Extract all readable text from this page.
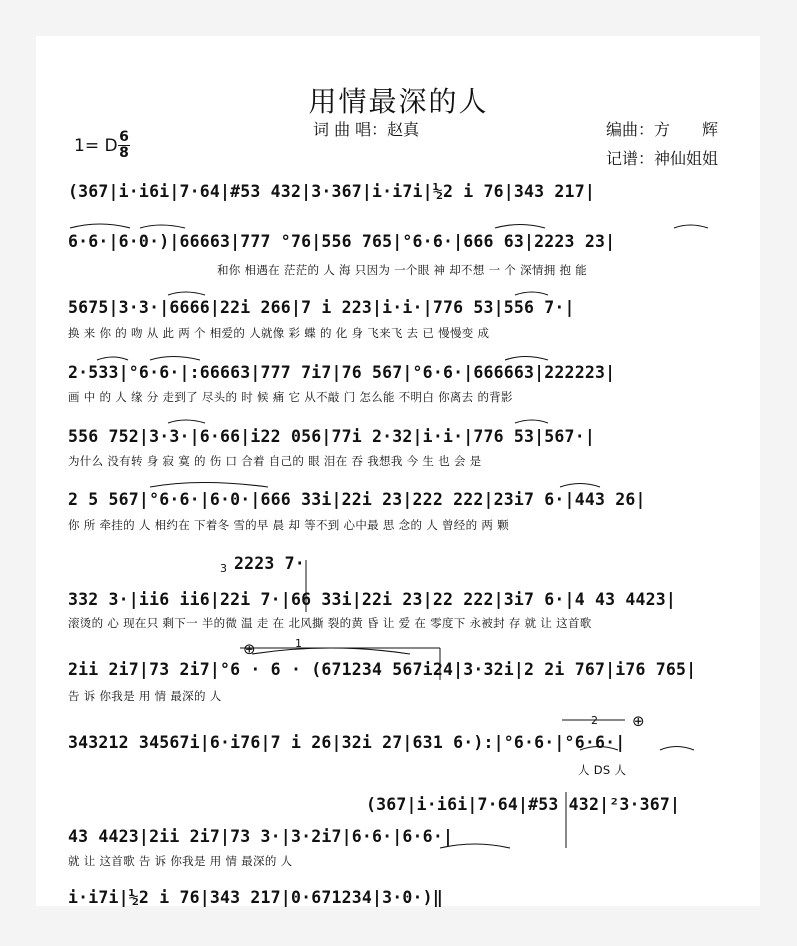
用情最深的人
词 曲 唱：赵真	编曲：方　　辉
记谱：神仙姐姐
1= D 6
8
(367|i·i6i|7·64|#53 432|3·367|i·i7i|½2 i 76|343 217|
6·6·|6·0·)|66663|777 °76|556 765|°6·6·|666 63|2223 23|
和你 相遇在 茫茫的 人 海 只因为 一个眼 神 却不想 一 个 深情拥 抱 能
5675|3·3·|6666|22i 266|7 i 223|i·i·|776 53|556 7·|
换 来 你 的 吻 从 此 两 个 相爱的 人就像 彩 蝶 的 化 身 飞来飞 去 已 慢慢变 成
2·533|°6·6·|:66663|777 7i7|76 567|°6·6·|666663|222223|
画 中 的 人 缘 分 走到了 尽头的 时 候 痛 它 从不敲 门 怎么能 不明白 你离去 的背影
556 752|3·3·|6·66|i22 056|77i 2·32|i·i·|776 53|567·|
为什么 没有转 身 寂 寞 的 伤 口 合着 自己的 眼 泪在 吞 我想我 今 生 也 会 是
2 5 567|°6·6·|6·0·|666 33i|22i 23|222 222|23i7 6·|443 26|
你 所 牵挂的 人 相约在 下着冬 雪的早 晨 却 等不到 心中最 思 念的 人 曾经的 两 颗
3 2223 7·
332 3·|ii6 ii6|22i 7·|66 33i|22i 23|22 222|3i7 6·|4 43 4423|
滚烫的 心 现在只 剩下一 半的微 温 走 在 北风撕 裂的黄 昏 让 爱 在 零度下 永被封 存 就 让 这首歌
⊕	1
2ii 2i7|73 2i7|°6 · 6 · (671234 567i24|3·32i|2 2i 767|i76 765|
告 诉 你我是 用 情 最深的 人
2 ⊕
343212 34567i|6·i76|7 i 26|32i 27|631 6·):|°6·6·|°6·6·|
人 DS 人
(367|i·i6i|7·64|#53 432|²3·367|
43 4423|2ii 2i7|73 3·|3·2i7|6·6·|6·6·|
就 让 这首歌 告 诉 你我是 用 情 最深的 人
i·i7i|½2 i 76|343 217|0·671234|3·0·)‖
